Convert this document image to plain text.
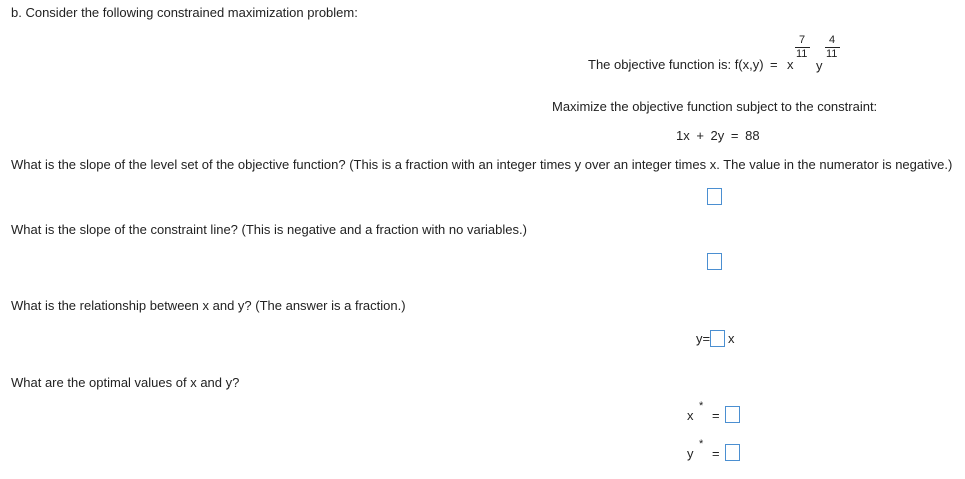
b. Consider the following constrained maximization problem:
The objective function is: f(x,y) = x
7
11
y
4
11
Maximize the objective function subject to the constraint:
1x + 2y = 88
What is the slope of the level set of the objective function? (This is a fraction with an integer times y over an integer times x. The value in the numerator is negative.)
What is the slope of the constraint line? (This is negative and a fraction with no variables.)
What is the relationship between x and y? (The answer is a fraction.)
y= x
What are the optimal values of x and y?
x
*
=
y
*
=
